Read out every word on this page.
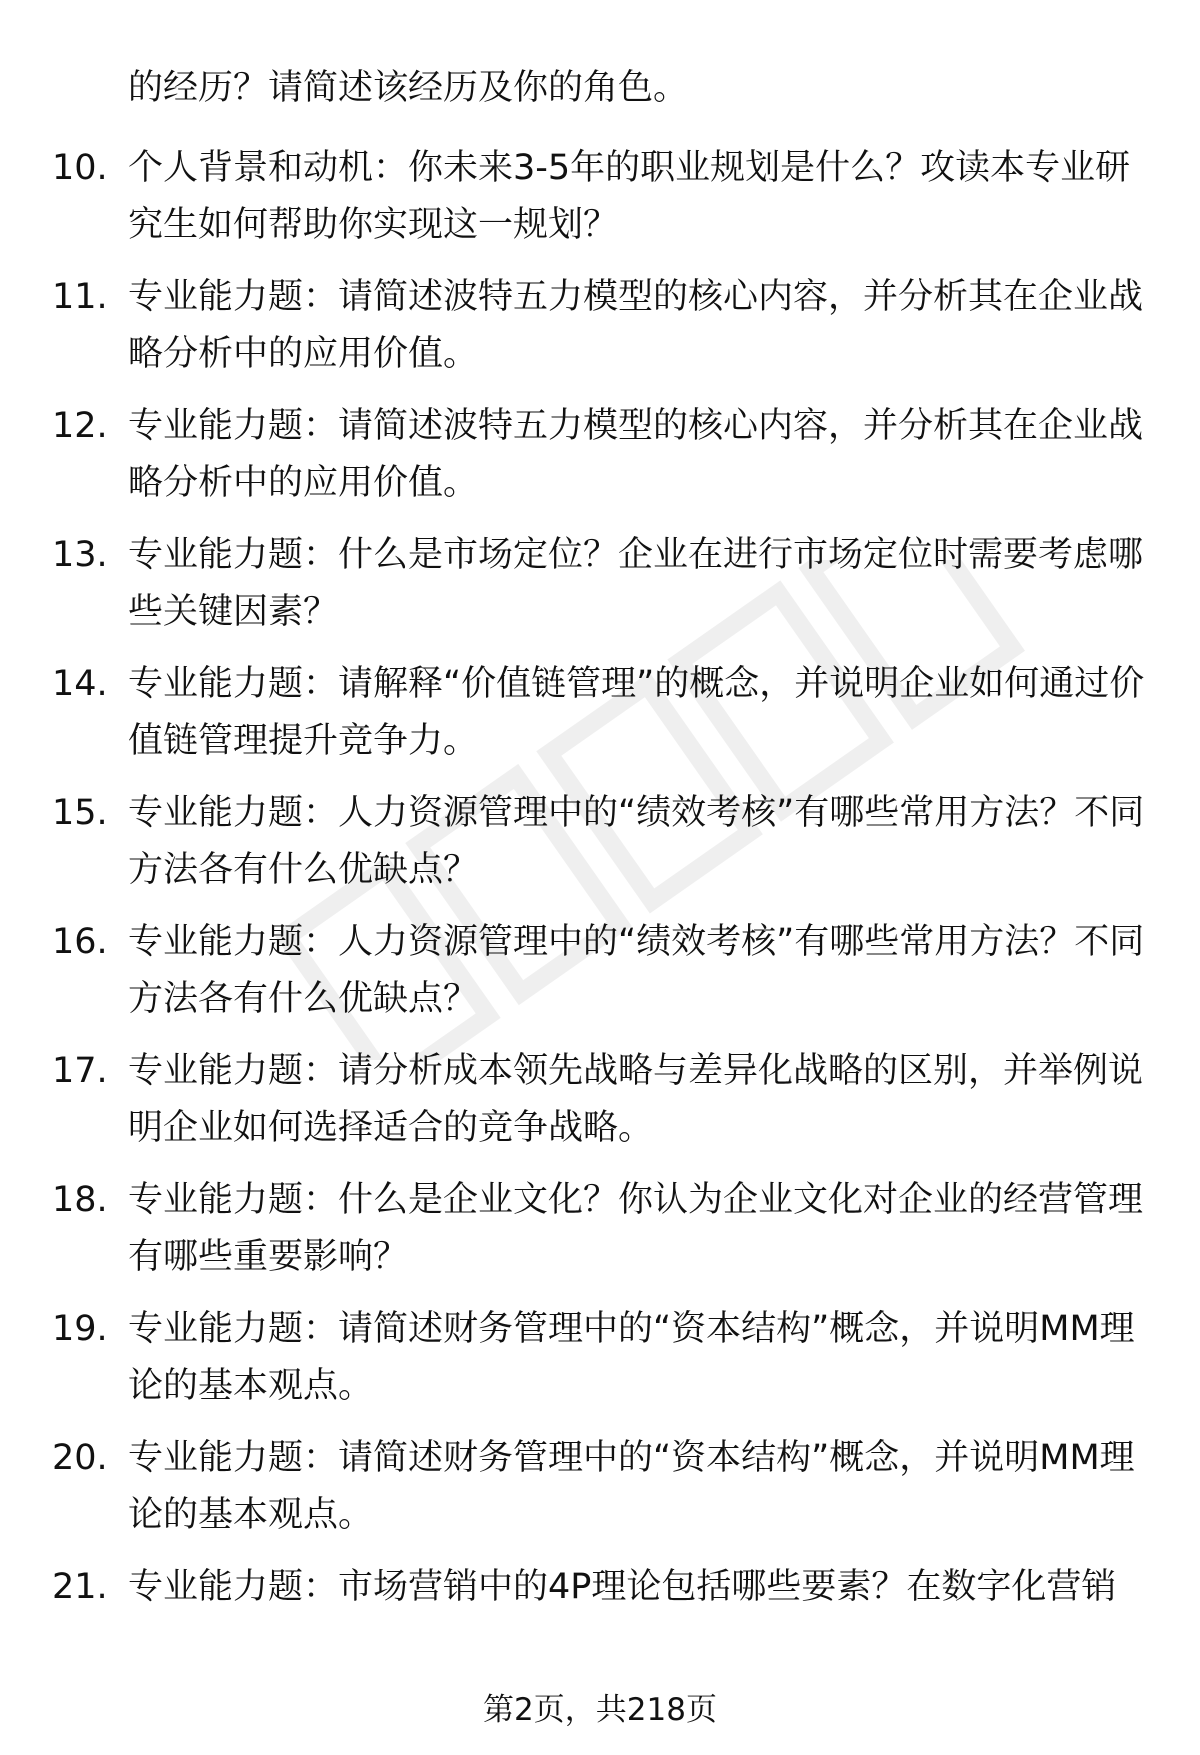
的经历？请简述该经历及你的角色。
10. 个人背景和动机：你未来3-5年的职业规划是什么？攻读本专业研究生如何帮助你实现这一规划？
11. 专业能力题：请简述波特五力模型的核心内容，并分析其在企业战略分析中的应用价值。
12. 专业能力题：请简述波特五力模型的核心内容，并分析其在企业战略分析中的应用价值。
13. 专业能力题：什么是市场定位？企业在进行市场定位时需要考虑哪些关键因素？
14. 专业能力题：请解释“价值链管理”的概念，并说明企业如何通过价值链管理提升竞争力。
15. 专业能力题：人力资源管理中的“绩效考核”有哪些常用方法？不同方法各有什么优缺点？
16. 专业能力题：人力资源管理中的“绩效考核”有哪些常用方法？不同方法各有什么优缺点？
17. 专业能力题：请分析成本领先战略与差异化战略的区别，并举例说明企业如何选择适合的竞争战略。
18. 专业能力题：什么是企业文化？你认为企业文化对企业的经营管理有哪些重要影响？
19. 专业能力题：请简述财务管理中的“资本结构”概念，并说明MM理论的基本观点。
20. 专业能力题：请简述财务管理中的“资本结构”概念，并说明MM理论的基本观点。
21. 专业能力题：市场营销中的4P理论包括哪些要素？在数字化营销
第2页，共218页
